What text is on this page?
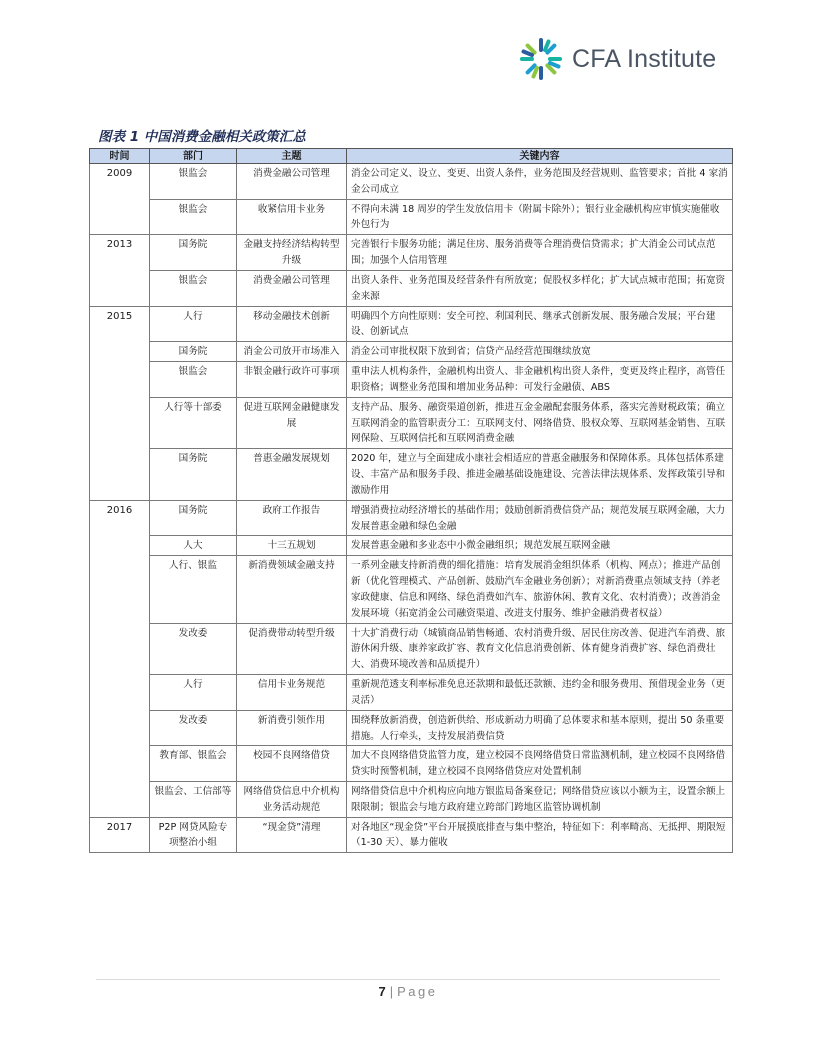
CFA Institute
图表 1 中国消费金融相关政策汇总
时间	部门	主题	关键内容
2009	银监会	消费金融公司管理	消金公司定义、设立、变更、出资人条件，业务范围及经营规则、监管要求；首批 4 家消金公司成立
	银监会	收紧信用卡业务	不得向未满 18 周岁的学生发放信用卡（附属卡除外）；银行业金融机构应审慎实施催收外包行为
2013	国务院	金融支持经济结构转型升级	完善银行卡服务功能；满足住房、服务消费等合理消费信贷需求；扩大消金公司试点范围；加强个人信用管理
	银监会	消费金融公司管理	出资人条件、业务范围及经营条件有所放宽；促股权多样化；扩大试点城市范围；拓宽资金来源
2015	人行	移动金融技术创新	明确四个方向性原则：安全可控、利国利民、继承式创新发展、服务融合发展；平台建设、创新试点
	国务院	消金公司放开市场准入	消金公司审批权限下放到省；信贷产品经营范围继续放宽
	银监会	非银金融行政许可事项	重申法人机构条件，金融机构出资人、非金融机构出资人条件，变更及终止程序，高管任职资格；调整业务范围和增加业务品种：可发行金融债、ABS
	人行等十部委	促进互联网金融健康发展	支持产品、服务、融资渠道创新，推进互金金融配套服务体系，落实完善财税政策；确立互联网消金的监管职责分工：互联网支付、网络借贷、股权众筹、互联网基金销售、互联网保险、互联网信托和互联网消费金融
	国务院	普惠金融发展规划	2020 年，建立与全面建成小康社会相适应的普惠金融服务和保障体系。具体包括体系建设、丰富产品和服务手段、推进金融基础设施建设、完善法律法规体系、发挥政策引导和激励作用
2016	国务院	政府工作报告	增强消费拉动经济增长的基础作用；鼓励创新消费信贷产品；规范发展互联网金融，大力发展普惠金融和绿色金融
	人大	十三五规划	发展普惠金融和多业态中小微金融组织；规范发展互联网金融
	人行、银监	新消费领域金融支持	一系列金融支持新消费的细化措施：培育发展消金组织体系（机构、网点）；推进产品创新（优化管理模式、产品创新、鼓励汽车金融业务创新）；对新消费重点领域支持（养老家政健康、信息和网络、绿色消费如汽车、旅游休闲、教育文化、农村消费）；改善消金发展环境（拓宽消金公司融资渠道、改进支付服务、维护金融消费者权益）
	发改委	促消费带动转型升级	十大扩消费行动（城镇商品销售畅通、农村消费升级、居民住房改善、促进汽车消费、旅游休闲升级、康养家政扩容、教育文化信息消费创新、体育健身消费扩容、绿色消费壮大、消费环境改善和品质提升）
	人行	信用卡业务规范	重新规范透支利率标准免息还款期和最低还款额、违约金和服务费用、预借现金业务（更灵活）
	发改委	新消费引领作用	围绕释放新消费，创造新供给、形成新动力明确了总体要求和基本原则，提出 50 条重要措施。人行牵头，支持发展消费信贷
	教育部、银监会	校园不良网络借贷	加大不良网络借贷监管力度，建立校园不良网络借贷日常监测机制，建立校园不良网络借贷实时预警机制，建立校园不良网络借贷应对处置机制
	银监会、工信部等	网络借贷信息中介机构业务活动规范	网络借贷信息中介机构应向地方银监局备案登记；网络借贷应该以小额为主，设置余额上限限制；银监会与地方政府建立跨部门跨地区监管协调机制
2017	P2P 网贷风险专项整治小组	“现金贷”清理	对各地区“现金贷”平台开展摸底排查与集中整治，特征如下：利率畸高、无抵押、期限短（1-30 天）、暴力催收
7 | Page
